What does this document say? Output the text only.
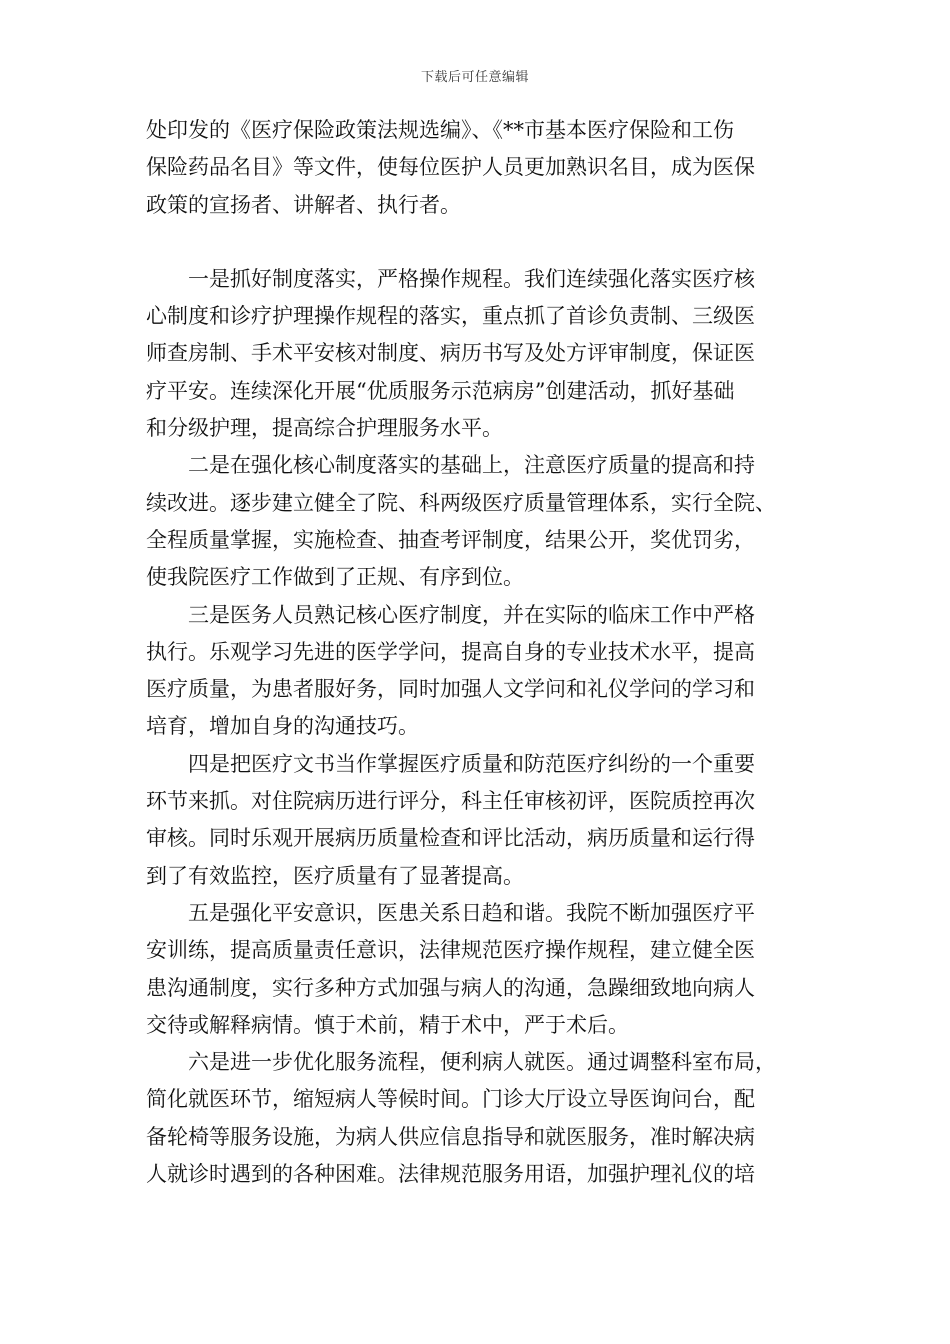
下载后可任意编辑

处印发的《医疗保险政策法规选编》、《**市基本医疗保险和工伤
保险药品名目》等文件，使每位医护人员更加熟识名目，成为医保
政策的宣扬者、讲解者、执行者。

　　一是抓好制度落实，严格操作规程。我们连续强化落实医疗核
心制度和诊疗护理操作规程的落实，重点抓了首诊负责制、三级医
师查房制、手术平安核对制度、病历书写及处方评审制度，保证医
疗平安。连续深化开展“优质服务示范病房”创建活动，抓好基础
和分级护理，提高综合护理服务水平。

　　二是在强化核心制度落实的基础上，注意医疗质量的提高和持
续改进。逐步建立健全了院、科两级医疗质量管理体系，实行全院、
全程质量掌握，实施检查、抽查考评制度，结果公开，奖优罚劣，
使我院医疗工作做到了正规、有序到位。

　　三是医务人员熟记核心医疗制度，并在实际的临床工作中严格
执行。乐观学习先进的医学学问，提高自身的专业技术水平，提高
医疗质量，为患者服好务，同时加强人文学问和礼仪学问的学习和
培育，增加自身的沟通技巧。

　　四是把医疗文书当作掌握医疗质量和防范医疗纠纷的一个重要
环节来抓。对住院病历进行评分，科主任审核初评，医院质控再次
审核。同时乐观开展病历质量检查和评比活动，病历质量和运行得
到了有效监控，医疗质量有了显著提高。

　　五是强化平安意识，医患关系日趋和谐。我院不断加强医疗平
安训练，提高质量责任意识，法律规范医疗操作规程，建立健全医
患沟通制度，实行多种方式加强与病人的沟通，急躁细致地向病人
交待或解释病情。慎于术前，精于术中，严于术后。

　　六是进一步优化服务流程，便利病人就医。通过调整科室布局，
简化就医环节，缩短病人等候时间。门诊大厅设立导医询问台，配
备轮椅等服务设施，为病人供应信息指导和就医服务，准时解决病
人就诊时遇到的各种困难。法律规范服务用语，加强护理礼仪的培
